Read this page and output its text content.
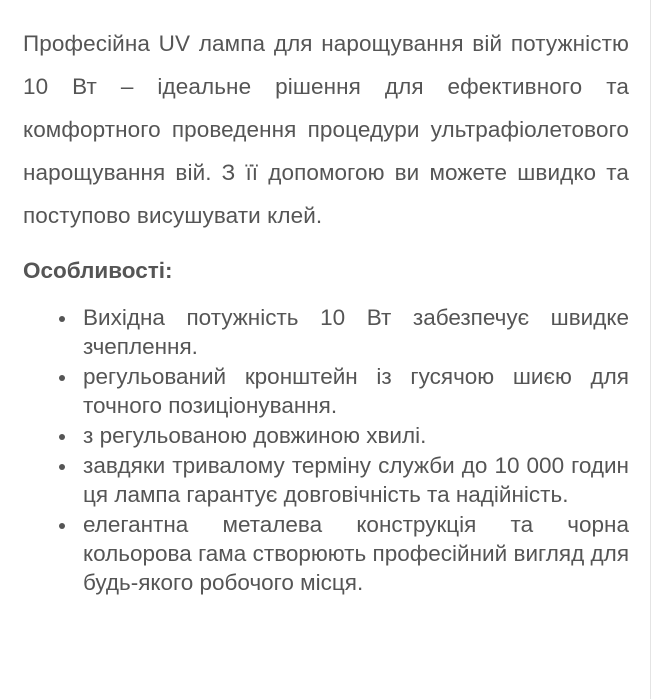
Професійна UV лампа для нарощування вій потужністю 10 Вт – ідеальне рішення для ефективного та комфортного проведення процедури ультрафіолетового нарощування вій. З її допомогою ви можете швидко та поступово висушувати клей.

Особливості:
Вихідна потужність 10 Вт забезпечує швидке зчеплення.
регульований кронштейн із гусячою шиєю для точного позиціонування.
з регульованою довжиною хвилі.
завдяки тривалому терміну служби до 10 000 годин ця лампа гарантує довговічність та надійність.
елегантна металева конструкція та чорна кольорова гама створюють професійний вигляд для будь-якого робочого місця.
